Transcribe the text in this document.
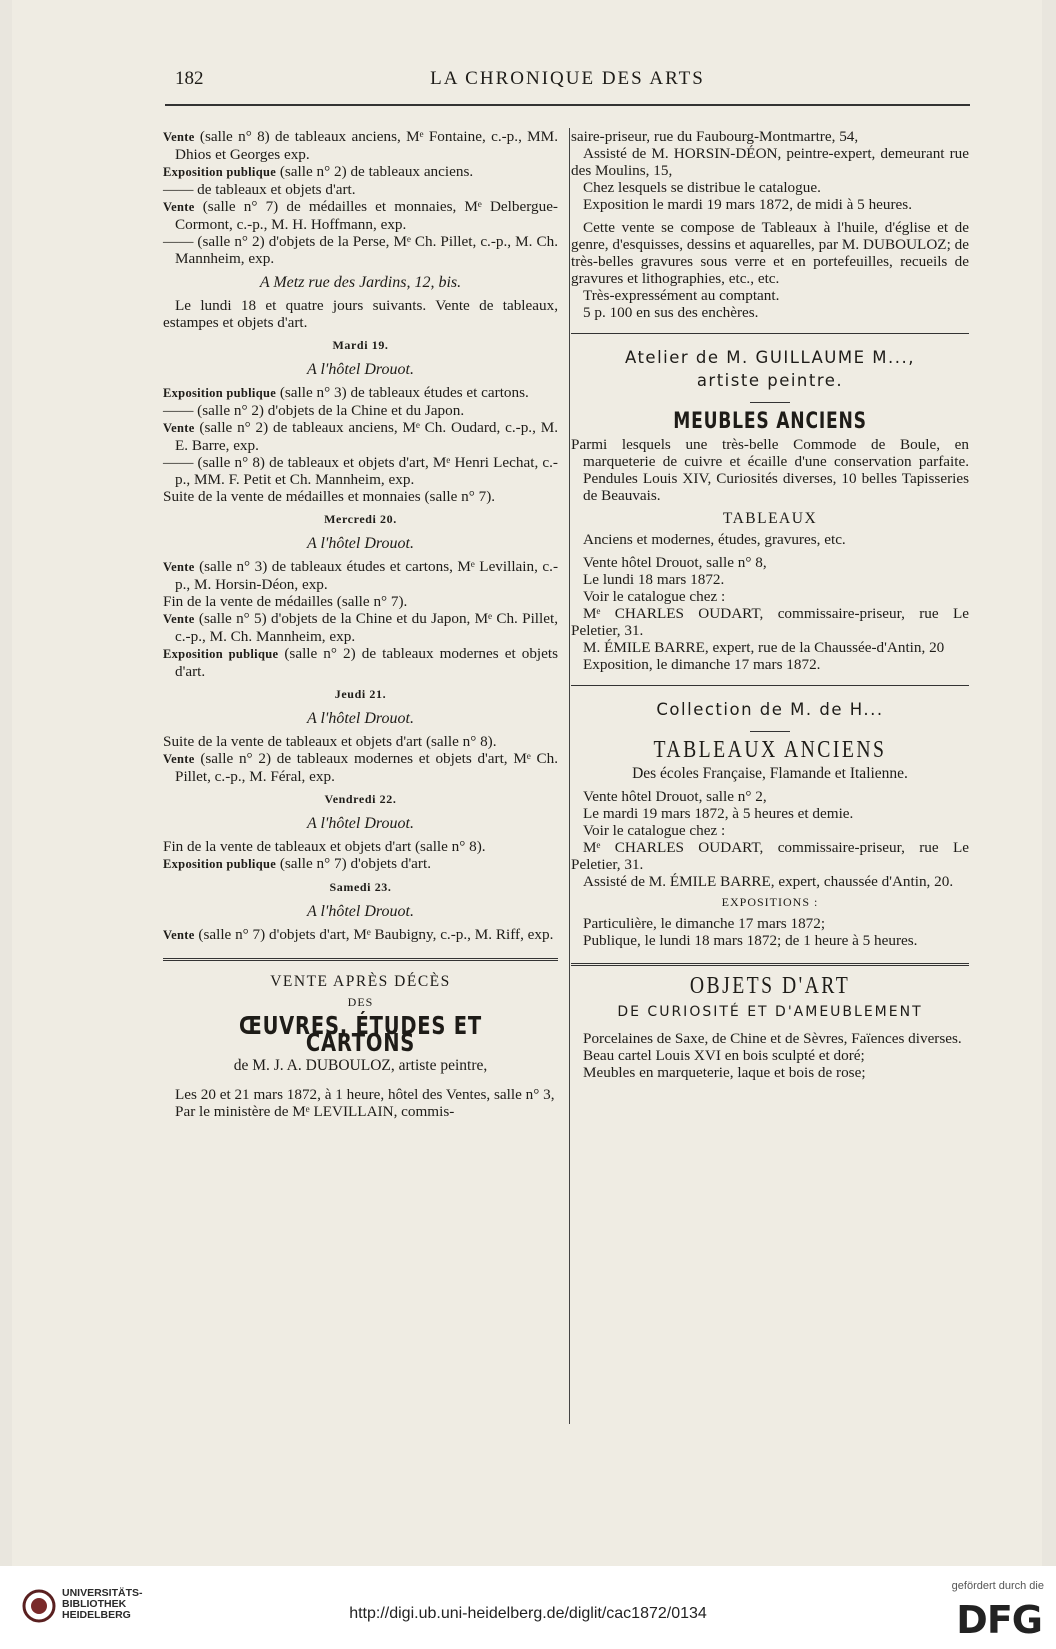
182	LA CHRONIQUE DES ARTS

Vente (salle n° 8) de tableaux anciens, Mᵉ Fontaine, c.-p., MM. Dhios et Georges exp.

Exposition publique (salle n° 2) de tableaux anciens.

—— de tableaux et objets d'art.

Vente (salle n° 7) de médailles et monnaies, Mᵉ Delbergue-Cormont, c.-p., M. H. Hoffmann, exp.

—— (salle n° 2) d'objets de la Perse, Mᵉ Ch. Pillet, c.-p., M. Ch. Mannheim, exp.

A Metz rue des Jardins, 12, bis.

Le lundi 18 et quatre jours suivants. Vente de tableaux, estampes et objets d'art.

Mardi 19.
A l'hôtel Drouot.

Exposition publique (salle n° 3) de tableaux études et cartons.

—— (salle n° 2) d'objets de la Chine et du Japon.

Vente (salle n° 2) de tableaux anciens, Mᵉ Ch. Oudard, c.-p., M. E. Barre, exp.

—— (salle n° 8) de tableaux et objets d'art, Mᵉ Henri Lechat, c.-p., MM. F. Petit et Ch. Mannheim, exp.

Suite de la vente de médailles et monnaies (salle n° 7).

Mercredi 20.
A l'hôtel Drouot.

Vente (salle n° 3) de tableaux études et cartons, Mᵉ Levillain, c.-p., M. Horsin-Déon, exp.

Fin de la vente de médailles (salle n° 7).

Vente (salle n° 5) d'objets de la Chine et du Japon, Mᵉ Ch. Pillet, c.-p., M. Ch. Mannheim, exp.

Exposition publique (salle n° 2) de tableaux modernes et objets d'art.

Jeudi 21.
A l'hôtel Drouot.

Suite de la vente de tableaux et objets d'art (salle n° 8).

Vente (salle n° 2) de tableaux modernes et objets d'art, Mᵉ Ch. Pillet, c.-p., M. Féral, exp.

Vendredi 22.
A l'hôtel Drouot.

Fin de la vente de tableaux et objets d'art (salle n° 8).

Exposition publique (salle n° 7) d'objets d'art.

Samedi 23.
A l'hôtel Drouot.

Vente (salle n° 7) d'objets d'art, Mᵉ Baubigny, c.-p., M. Riff, exp.

VENTE APRÈS DÉCÈS
DES
ŒUVRES, ÉTUDES ET CARTONS
de M. J. A. DUBOULOZ, artiste peintre,

Les 20 et 21 mars 1872, à 1 heure, hôtel des Ventes, salle n° 3,

Par le ministère de Mᵉ LEVILLAIN, commis-

saire-priseur, rue du Faubourg-Montmartre, 54,

Assisté de M. HORSIN-DÉON, peintre-expert, demeurant rue des Moulins, 15,

Chez lesquels se distribue le catalogue.

Exposition le mardi 19 mars 1872, de midi à 5 heures.

Cette vente se compose de Tableaux à l'huile, d'église et de genre, d'esquisses, dessins et aquarelles, par M. DUBOULOZ; de très-belles gravures sous verre et en portefeuilles, recueils de gravures et lithographies, etc., etc.

Très-expressément au comptant.

5 p. 100 en sus des enchères.

Atelier de M. GUILLAUME M...,
artiste peintre.
MEUBLES ANCIENS

Parmi lesquels une très-belle Commode de Boule, en marqueterie de cuivre et écaille d'une conservation parfaite. Pendules Louis XIV, Curiosités diverses, 10 belles Tapisseries de Beauvais.

TABLEAUX

Anciens et modernes, études, gravures, etc.

Vente hôtel Drouot, salle n° 8,

Le lundi 18 mars 1872.

Voir le catalogue chez :

Mᵉ CHARLES OUDART, commissaire-priseur, rue Le Peletier, 31.

M. ÉMILE BARRE, expert, rue de la Chaussée-d'Antin, 20

Exposition, le dimanche 17 mars 1872.

Collection de M. de H...
TABLEAUX ANCIENS
Des écoles Française, Flamande et Italienne.

Vente hôtel Drouot, salle n° 2,

Le mardi 19 mars 1872, à 5 heures et demie.

Voir le catalogue chez :

Mᵉ CHARLES OUDART, commissaire-priseur, rue Le Peletier, 31.

Assisté de M. ÉMILE BARRE, expert, chaussée d'Antin, 20.

EXPOSITIONS :

Particulière, le dimanche 17 mars 1872;

Publique, le lundi 18 mars 1872; de 1 heure à 5 heures.

OBJETS D'ART
DE CURIOSITÉ ET D'AMEUBLEMENT

Porcelaines de Saxe, de Chine et de Sèvres, Faïences diverses.

Beau cartel Louis XVI en bois sculpté et doré;

Meubles en marqueterie, laque et bois de rose;

UNIVERSITÄTS-
BIBLIOTHEK
HEIDELBERG	http://digi.ub.uni-heidelberg.de/diglit/cac1872/0134
gefördert durch die
DFG
